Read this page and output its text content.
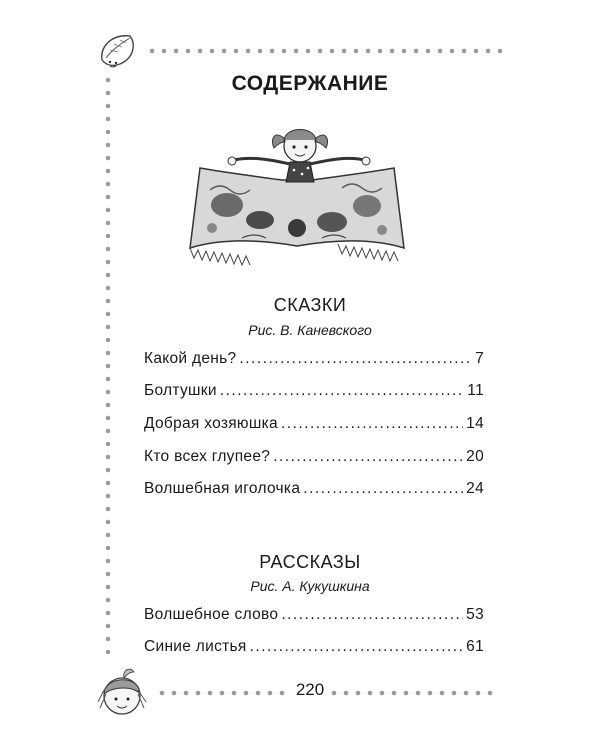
СОДЕРЖАНИЕ
СКАЗКИ
Рис. В. Каневского
Какой день? .....	7
Болтушки .....	11
Добрая хозяюшка .....	14
Кто всех глупее? .....	20
Волшебная иголочка .....	24
РАССКАЗЫ
Рис. А. Кукушкина
Волшебное слово .....	53
Синие листья .....	61
220
